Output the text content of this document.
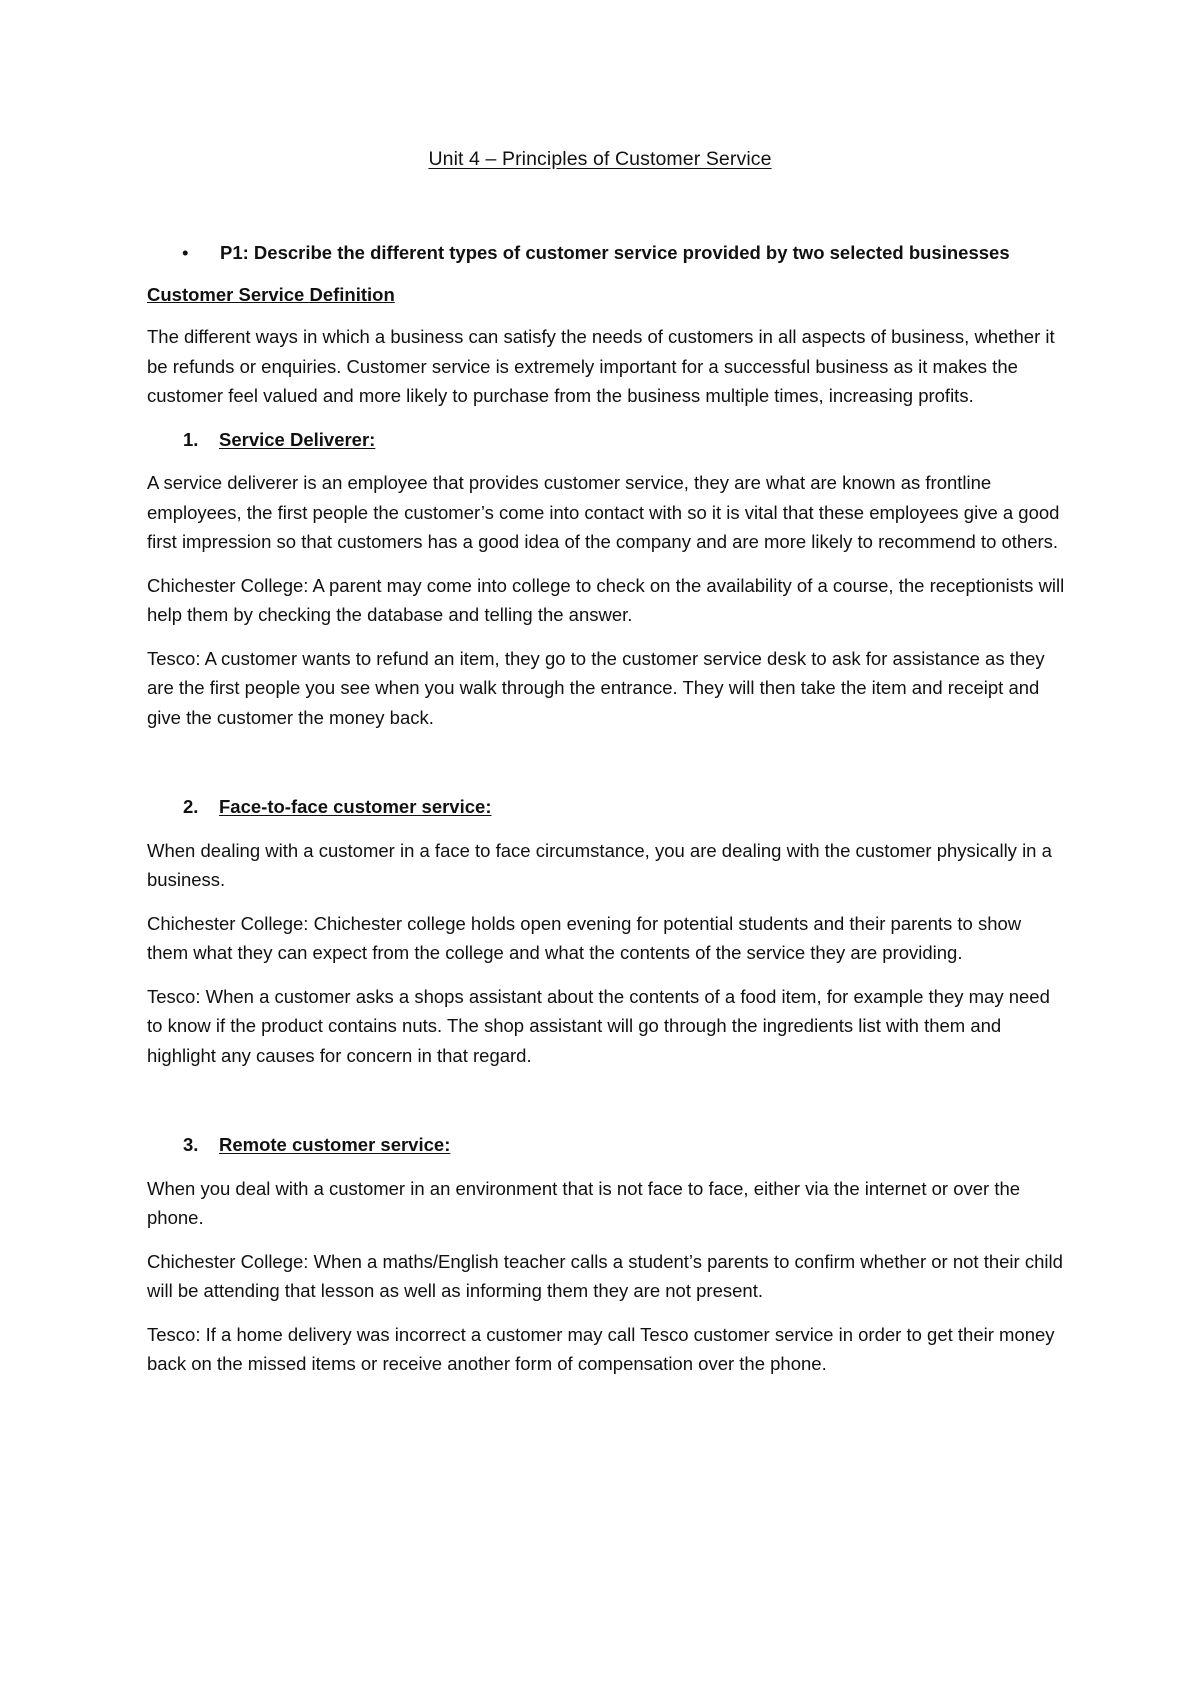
Unit 4 – Principles of Customer Service
• P1: Describe the different types of customer service provided by two selected businesses
Customer Service Definition

The different ways in which a business can satisfy the needs of customers in all aspects of business, whether it be refunds or enquiries. Customer service is extremely important for a successful business as it makes the customer feel valued and more likely to purchase from the business multiple times, increasing profits.

1. Service Deliverer:

A service deliverer is an employee that provides customer service, they are what are known as frontline employees, the first people the customer’s come into contact with so it is vital that these employees give a good first impression so that customers has a good idea of the company and are more likely to recommend to others.

Chichester College: A parent may come into college to check on the availability of a course, the receptionists will help them by checking the database and telling the answer.

Tesco: A customer wants to refund an item, they go to the customer service desk to ask for assistance as they are the first people you see when you walk through the entrance. They will then take the item and receipt and give the customer the money back.

2. Face-to-face customer service:

When dealing with a customer in a face to face circumstance, you are dealing with the customer physically in a business.

Chichester College: Chichester college holds open evening for potential students and their parents to show them what they can expect from the college and what the contents of the service they are providing.

Tesco: When a customer asks a shops assistant about the contents of a food item, for example they may need to know if the product contains nuts. The shop assistant will go through the ingredients list with them and highlight any causes for concern in that regard.

3. Remote customer service:

When you deal with a customer in an environment that is not face to face, either via the internet or over the phone.

Chichester College: When a maths/English teacher calls a student’s parents to confirm whether or not their child will be attending that lesson as well as informing them they are not present.

Tesco: If a home delivery was incorrect a customer may call Tesco customer service in order to get their money back on the missed items or receive another form of compensation over the phone.
